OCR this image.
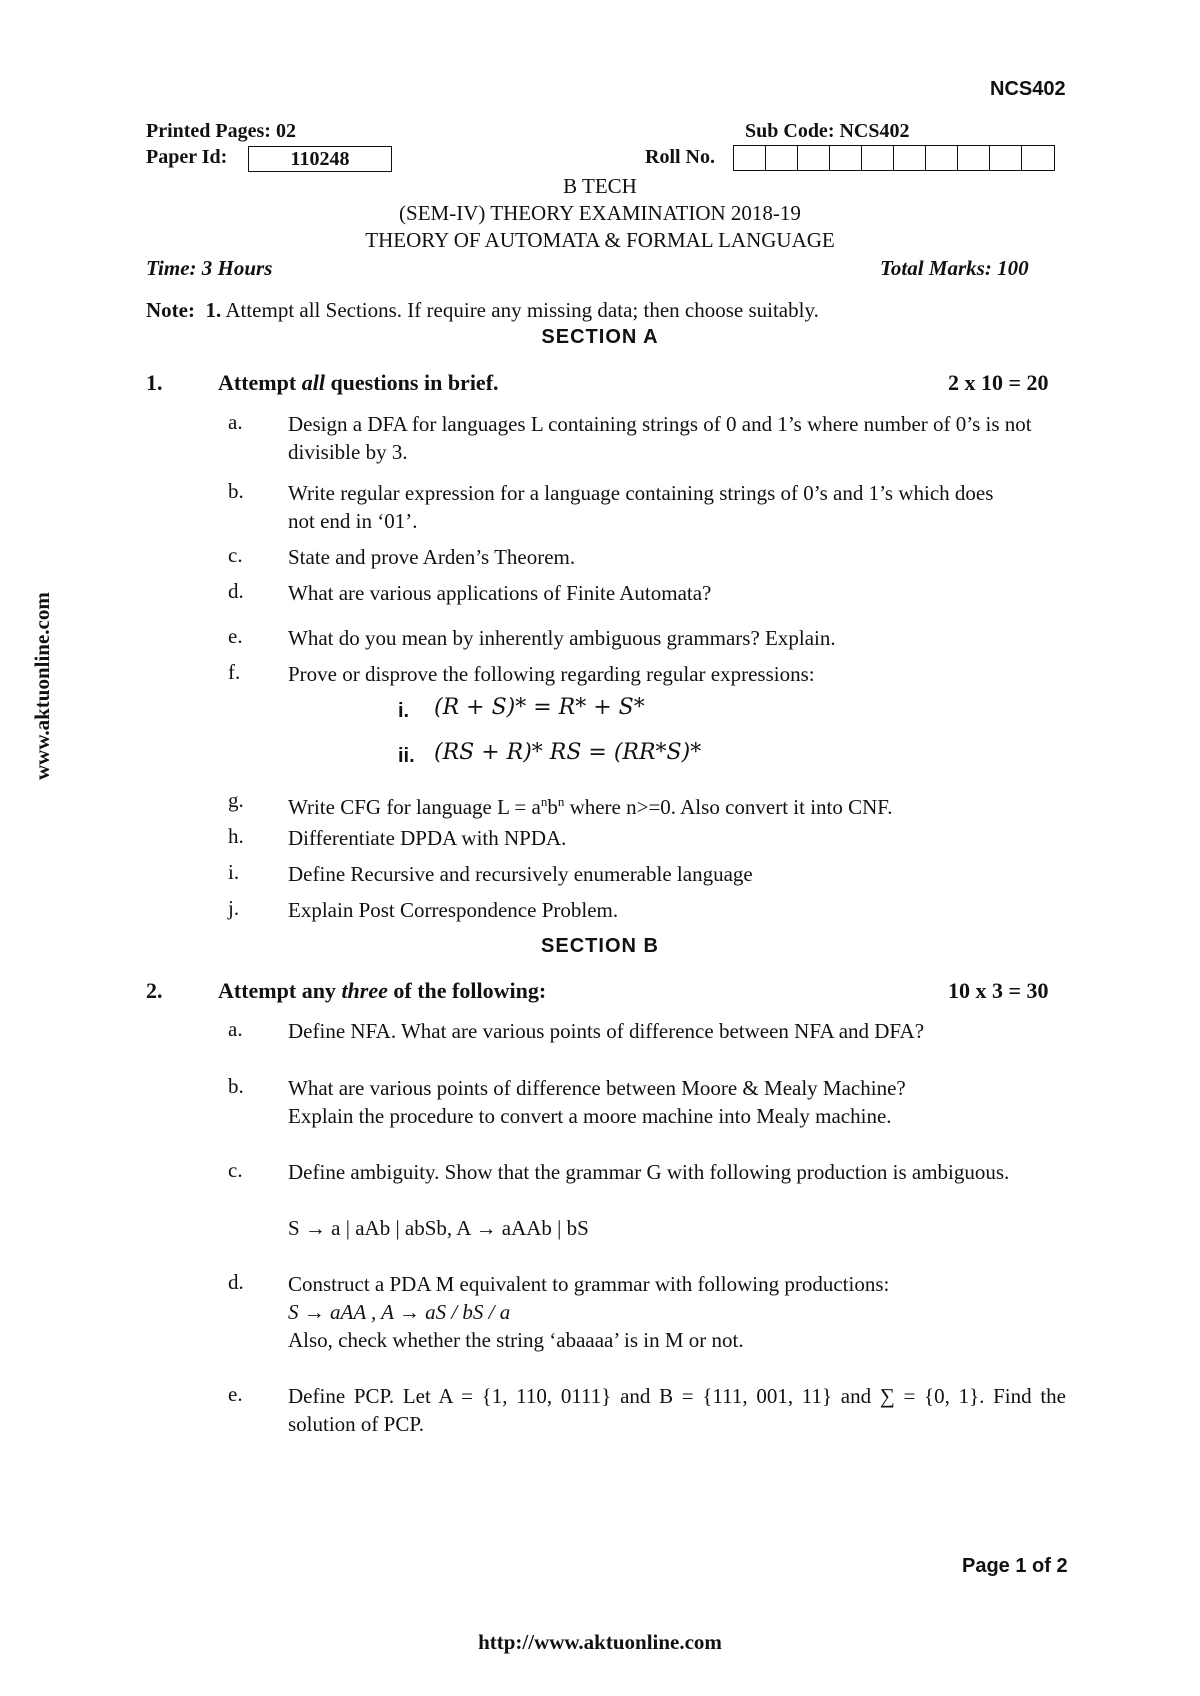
NCS402
Printed Pages: 02	Sub Code: NCS402
Paper Id:	110248	Roll No.
B TECH
(SEM-IV) THEORY EXAMINATION 2018-19
THEORY OF AUTOMATA & FORMAL LANGUAGE
Time: 3 Hours	Total Marks: 100
Note: 1. Attempt all Sections. If require any missing data; then choose suitably.
SECTION A
1.	Attempt all questions in brief.	2 x 10 = 20
a. Design a DFA for languages L containing strings of 0 and 1’s where number of 0’s is not divisible by 3.
b. Write regular expression for a language containing strings of 0’s and 1’s which does not end in ‘01’.
c. State and prove Arden’s Theorem.
d. What are various applications of Finite Automata?
e. What do you mean by inherently ambiguous grammars? Explain.
f. Prove or disprove the following regarding regular expressions:
i. (R + S)* = R* + S*
ii. (RS + R)* RS = (RR*S)*
g. Write CFG for language $L = a^nb^n$ where n>=0. Also convert it into CNF.
h. Differentiate DPDA with NPDA.
i. Define Recursive and recursively enumerable language
j. Explain Post Correspondence Problem.
SECTION B
2.	Attempt any three of the following:	10 x 3 = 30
a. Define NFA. What are various points of difference between NFA and DFA?
b. What are various points of difference between Moore & Mealy Machine?
Explain the procedure to convert a moore machine into Mealy machine.
c. Define ambiguity. Show that the grammar G with following production is ambiguous.
S → a | aAb | abSb, A → aAAb | bS
d. Construct a PDA M equivalent to grammar with following productions:
S → aAA , A → aS / bS / a
Also, check whether the string ‘abaaaa’ is in M or not.
e. Define PCP. Let A = {1, 110, 0111} and B = {111, 001, 11} and ∑ = {0, 1}. Find the solution of PCP.
Page 1 of 2
http://www.aktuonline.com
www.aktuonline.com
